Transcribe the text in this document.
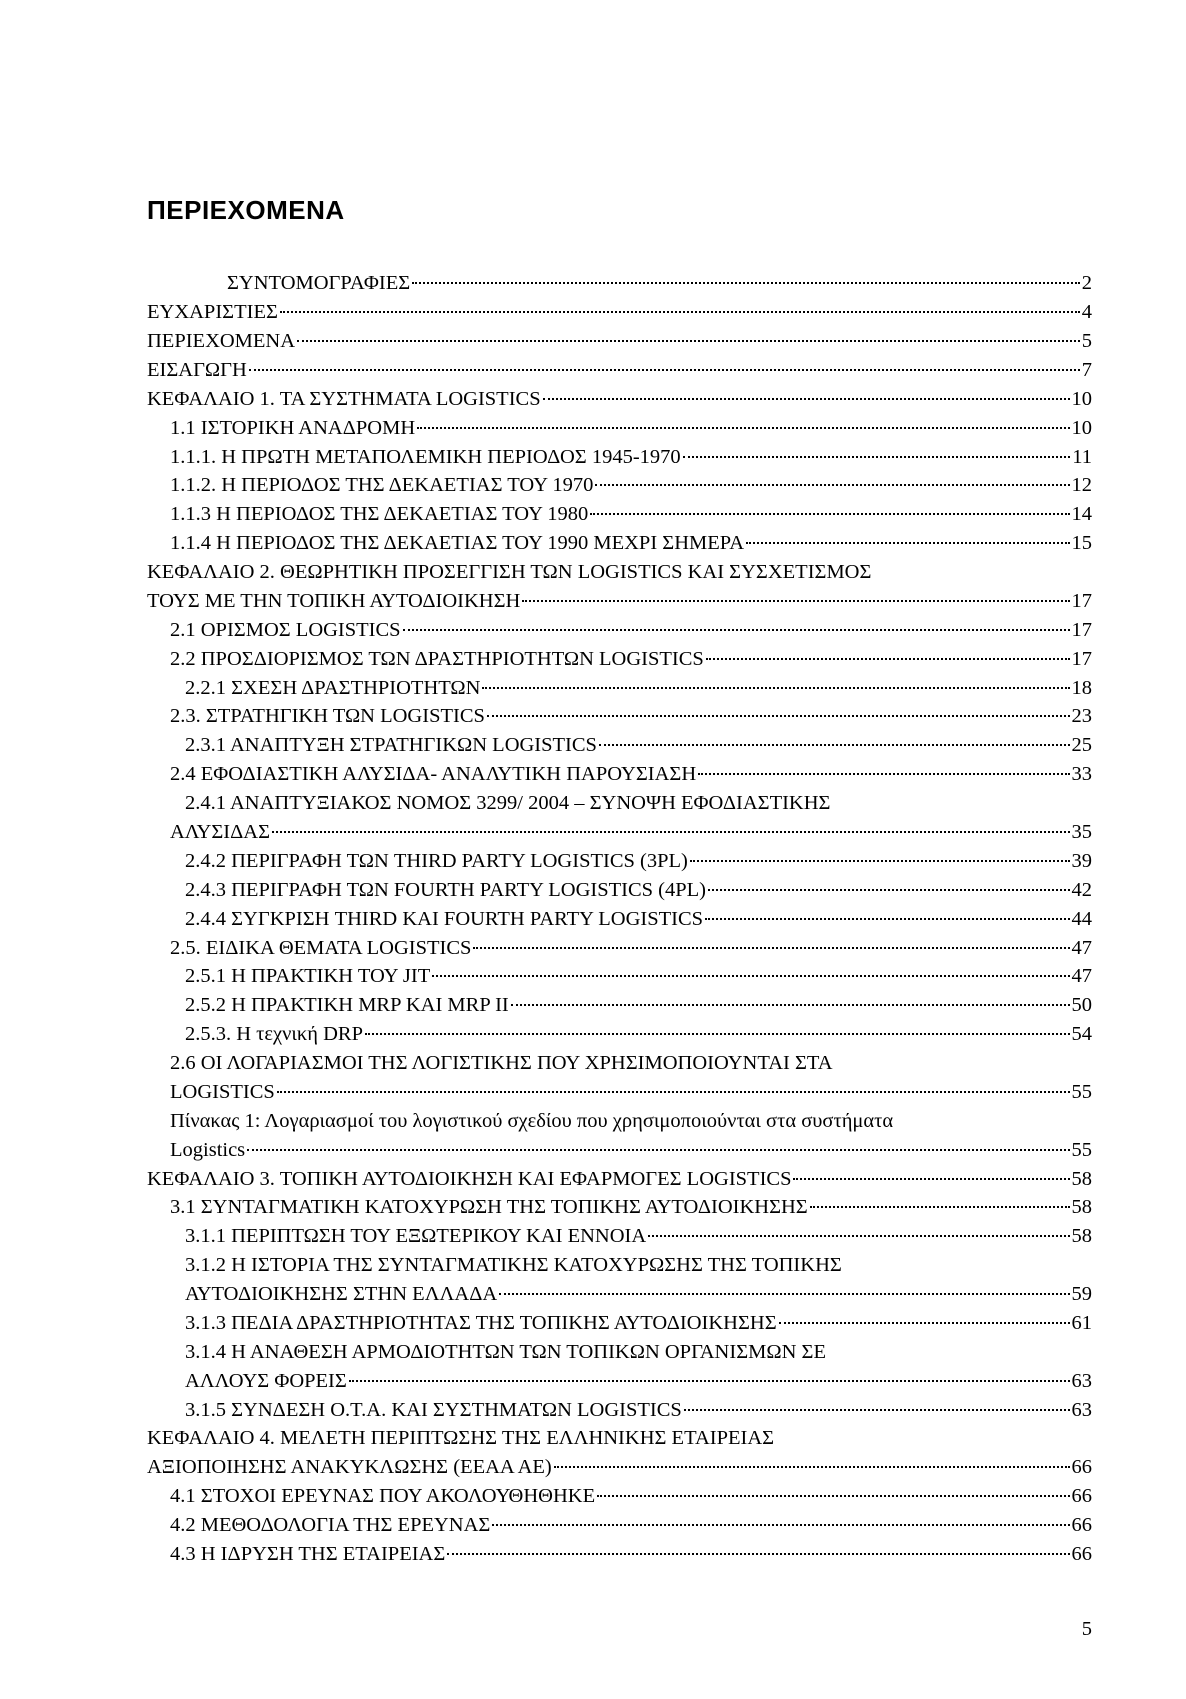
ΠΕΡΙΕΧΟΜΕΝΑ
ΣΥΝΤΟΜΟΓΡΑΦΙΕΣ	2
ΕΥΧΑΡΙΣΤΙΕΣ	4
ΠΕΡΙΕΧΟΜΕΝΑ	5
ΕΙΣΑΓΩΓΗ	7
ΚΕΦΑΛΑΙΟ 1. ΤΑ ΣΥΣΤΗΜΑΤΑ LOGISTICS	10
1.1 ΙΣΤΟΡΙΚΗ ΑΝΑΔΡΟΜΗ	10
1.1.1. Η ΠΡΩΤΗ ΜΕΤΑΠΟΛΕΜΙΚΗ ΠΕΡΙΟΔΟΣ 1945-1970	11
1.1.2. Η ΠΕΡΙΟΔΟΣ ΤΗΣ ΔΕΚΑΕΤΙΑΣ ΤΟΥ 1970	12
1.1.3 Η ΠΕΡΙΟΔΟΣ ΤΗΣ ΔΕΚΑΕΤΙΑΣ ΤΟΥ 1980	14
1.1.4 Η ΠΕΡΙΟΔΟΣ ΤΗΣ ΔΕΚΑΕΤΙΑΣ ΤΟΥ 1990 ΜΕΧΡΙ ΣΗΜΕΡΑ	15
ΚΕΦΑΛΑΙΟ 2. ΘΕΩΡΗΤΙΚΗ ΠΡΟΣΕΓΓΙΣΗ ΤΩΝ LOGISTICS ΚΑΙ ΣΥΣΧΕΤΙΣΜΟΣ
ΤΟΥΣ ΜΕ ΤΗΝ ΤΟΠΙΚΗ ΑΥΤΟΔΙΟΙΚΗΣΗ	17
2.1 ΟΡΙΣΜΟΣ LOGISTICS	17
2.2 ΠΡΟΣΔΙΟΡΙΣΜΟΣ ΤΩΝ ΔΡΑΣΤΗΡΙΟΤΗΤΩΝ LOGISTICS	17
2.2.1 ΣΧΕΣΗ ΔΡΑΣΤΗΡΙΟΤΗΤΩΝ	18
2.3. ΣΤΡΑΤΗΓΙΚΗ ΤΩΝ LOGISTICS	23
2.3.1 ΑΝΑΠΤΥΞΗ ΣΤΡΑΤΗΓΙΚΩΝ LOGISTICS	25
2.4 ΕΦΟΔΙΑΣΤΙΚΗ ΑΛΥΣΙΔΑ- ΑΝΑΛΥΤΙΚΗ ΠΑΡΟΥΣΙΑΣΗ	33
2.4.1 ΑΝΑΠΤΥΞΙΑΚΟΣ ΝΟΜΟΣ 3299/ 2004 – ΣΥΝΟΨΗ ΕΦΟΔΙΑΣΤΙΚΗΣ
ΑΛΥΣΙΔΑΣ	35
2.4.2 ΠΕΡΙΓΡΑΦΗ ΤΩΝ THIRD PARTY LOGISTICS (3PL)	39
2.4.3 ΠΕΡΙΓΡΑΦΗ ΤΩΝ FOURTH PARTY LOGISTICS (4PL)	42
2.4.4 ΣΥΓΚΡΙΣΗ THIRD ΚΑΙ FOURTH PARTY LOGISTICS	44
2.5. ΕΙΔΙΚΑ ΘΕΜΑΤΑ LOGISTICS	47
2.5.1 Η ΠΡΑΚΤΙΚΗ ΤΟΥ JIT	47
2.5.2 Η ΠΡΑΚΤΙΚΗ MRP ΚΑΙ MRP II	50
2.5.3. Η τεχνική DRP	54
2.6 ΟΙ ΛΟΓΑΡΙΑΣΜΟΙ ΤΗΣ ΛΟΓΙΣΤΙΚΗΣ ΠΟΥ ΧΡΗΣΙΜΟΠΟΙΟΥΝΤΑΙ ΣΤΑ
LOGISTICS	55
Πίνακας 1: Λογαριασμοί του λογιστικού σχεδίου που χρησιμοποιούνται στα συστήματα
Logistics	55
ΚΕΦΑΛΑΙΟ 3. ΤΟΠΙΚΗ ΑΥΤΟΔΙΟΙΚΗΣΗ ΚΑΙ ΕΦΑΡΜΟΓΕΣ LOGISTICS	58
3.1 ΣΥΝΤΑΓΜΑΤΙΚΗ ΚΑΤΟΧΥΡΩΣΗ ΤΗΣ ΤΟΠΙΚΗΣ ΑΥΤΟΔΙΟΙΚΗΣΗΣ	58
3.1.1 ΠΕΡΙΠΤΩΣΗ ΤΟΥ ΕΞΩΤΕΡΙΚΟΥ ΚΑΙ ΕΝΝΟΙΑ	58
3.1.2 Η ΙΣΤΟΡΙΑ ΤΗΣ ΣΥΝΤΑΓΜΑΤΙΚΗΣ ΚΑΤΟΧΥΡΩΣΗΣ ΤΗΣ ΤΟΠΙΚΗΣ
ΑΥΤΟΔΙΟΙΚΗΣΗΣ ΣΤΗΝ ΕΛΛΑΔΑ	59
3.1.3 ΠΕΔΙΑ ΔΡΑΣΤΗΡΙΟΤΗΤΑΣ ΤΗΣ ΤΟΠΙΚΗΣ ΑΥΤΟΔΙΟΙΚΗΣΗΣ	61
3.1.4 Η ΑΝΑΘΕΣΗ ΑΡΜΟΔΙΟΤΗΤΩΝ ΤΩΝ ΤΟΠΙΚΩΝ ΟΡΓΑΝΙΣΜΩΝ ΣΕ
ΑΛΛΟΥΣ ΦΟΡΕΙΣ	63
3.1.5 ΣΥΝΔΕΣΗ Ο.Τ.Α. ΚΑΙ ΣΥΣΤΗΜΑΤΩΝ LOGISTICS	63
ΚΕΦΑΛΑΙΟ 4. ΜΕΛΕΤΗ ΠΕΡΙΠΤΩΣΗΣ ΤΗΣ ΕΛΛΗΝΙΚΗΣ ΕΤΑΙΡΕΙΑΣ
ΑΞΙΟΠΟΙΗΣΗΣ ΑΝΑΚΥΚΛΩΣΗΣ (ΕΕΑΑ ΑΕ)	66
4.1 ΣΤΟΧΟΙ ΕΡΕΥΝΑΣ ΠΟΥ ΑΚΟΛΟΥΘΗΘΗΚΕ	66
4.2 ΜΕΘΟΔΟΛΟΓΙΑ ΤΗΣ ΕΡΕΥΝΑΣ	66
4.3 Η ΙΔΡΥΣΗ ΤΗΣ ΕΤΑΙΡΕΙΑΣ	66

5
